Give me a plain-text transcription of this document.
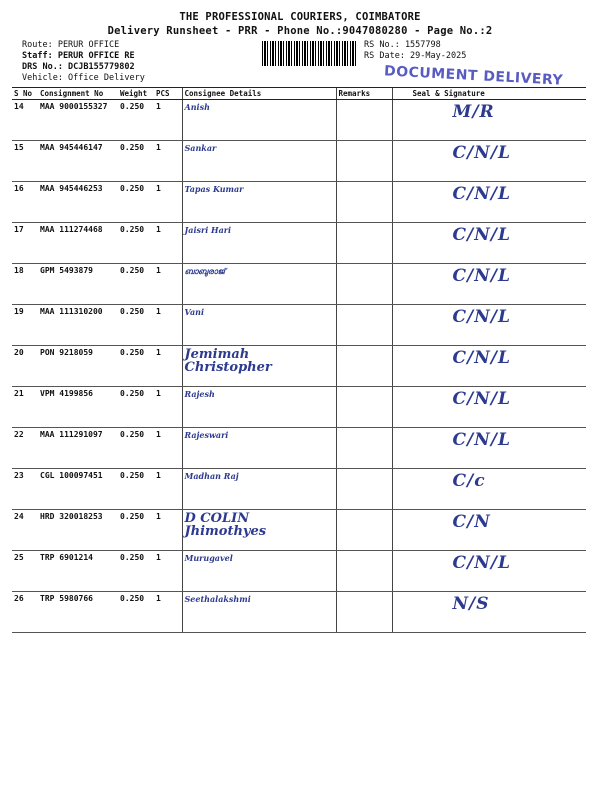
THE PROFESSIONAL COURIERS, COIMBATORE
Delivery Runsheet - PRR - Phone No.:9047080280 - Page No.:2
Route: PERUR OFFICE
Staff: PERUR OFFICE RE
DRS No.: DCJB155779802
Vehicle: Office Delivery
RS No.: 1557798
RS Date: 29-May-2025
DOCUMENT DELIVERY
S No	Consignment No	Weight	PCS	Consignee Details	Remarks	Seal & Signature
14	MAA 9000155327	0.250	1	Anish		M/R
15	MAA 945446147	0.250	1	Sankar		C/N/L
16	MAA 945446253	0.250	1	Tapas Kumar		C/N/L
17	MAA 111274468	0.250	1	Jaisri Hari		C/N/L
18	GPM 5493879	0.250	1	ബാബുരാജ്		C/N/L
19	MAA 111310200	0.250	1	Vani		C/N/L
20	PON 9218059	0.250	1	Jemimah Christopher		C/N/L
21	VPM 4199856	0.250	1	Rajesh		C/N/L
22	MAA 111291097	0.250	1	Rajeswari		C/N/L
23	CGL 100097451	0.250	1	Madhan Raj		C/c
24	HRD 320018253	0.250	1	D COLIN Jhimothyes		C/N
25	TRP 6901214	0.250	1	Murugavel		C/N/L
26	TRP 5980766	0.250	1	Seethalakshmi		N/S
